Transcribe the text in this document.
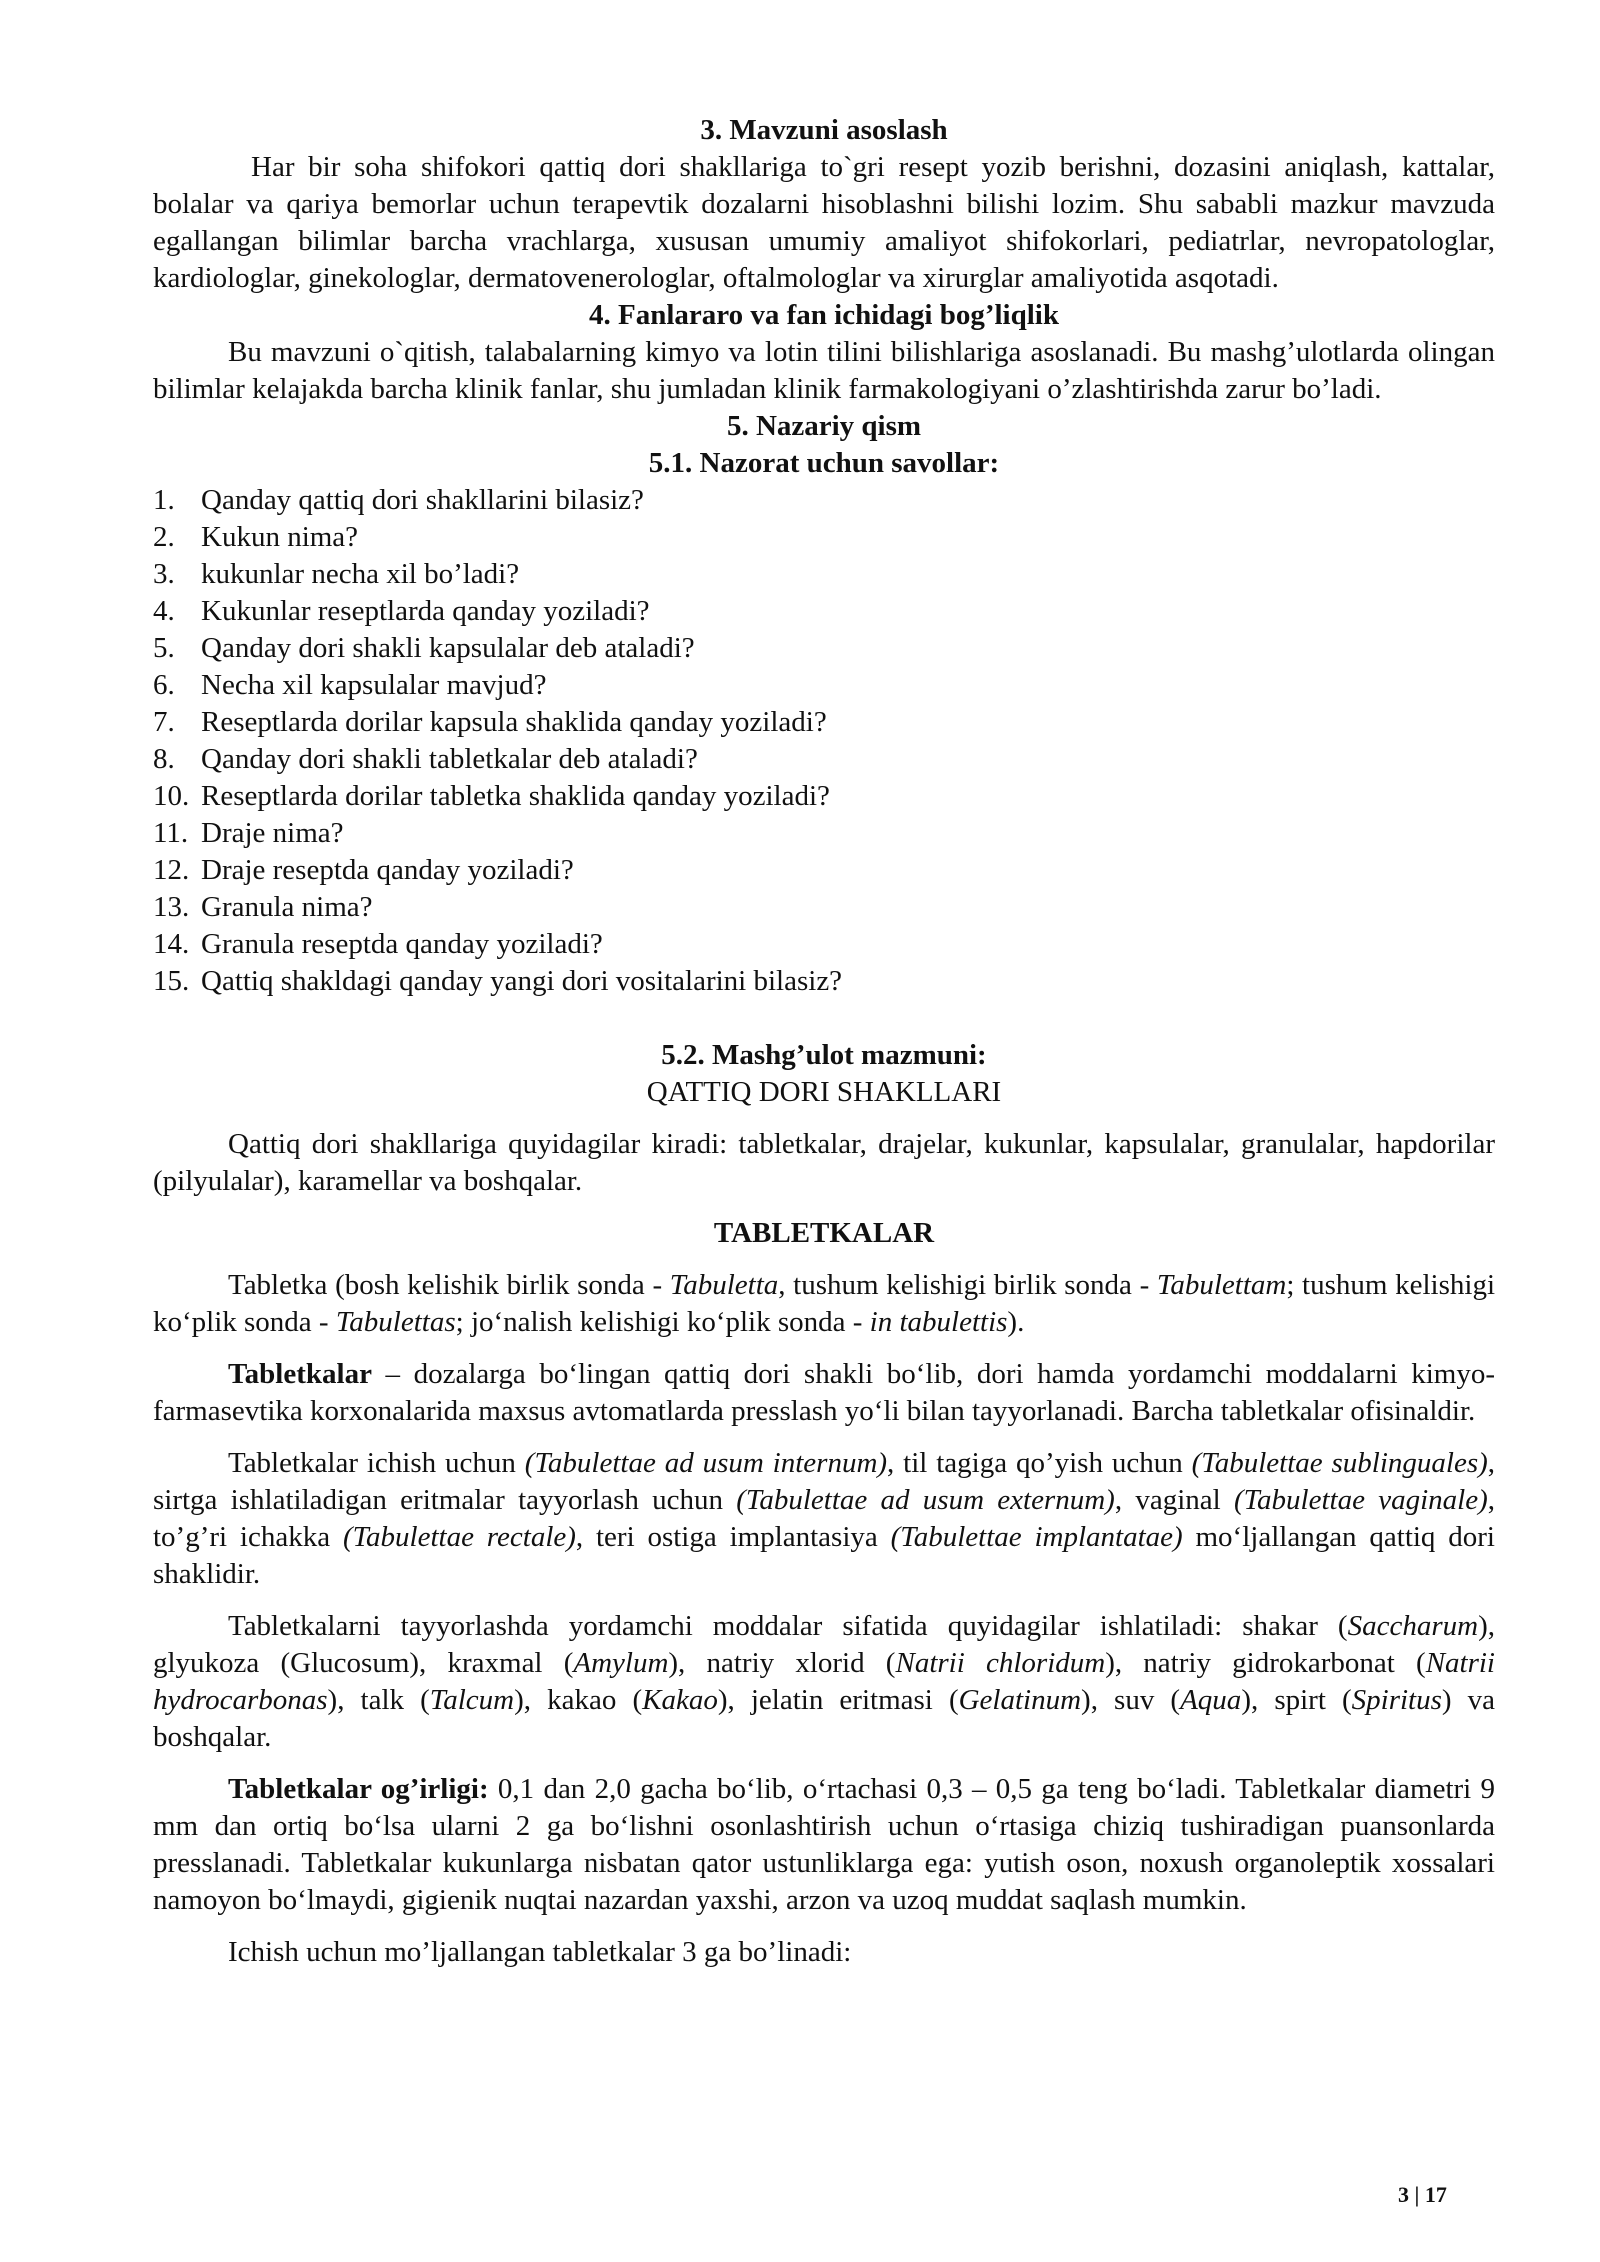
3. Mavzuni asoslash

Har bir soha shifokori qattiq dori shakllariga to`gri resept yozib berishni, dozasini aniqlash, kattalar, bolalar va qariya bemorlar uchun terapevtik dozalarni hisoblashni bilishi lozim. Shu sababli mazkur mavzuda egallangan bilimlar barcha vrachlarga, xususan umumiy amaliyot shifokorlari, pediatrlar, nevropatologlar, kardiologlar, ginekologlar, dermatovenerologlar, oftalmologlar va xirurglar amaliyotida asqotadi.

4. Fanlararo va fan ichidagi bog’liqlik

Bu mavzuni o`qitish, talabalarning kimyo va lotin tilini bilishlariga asoslanadi. Bu mashg’ulotlarda olingan bilimlar kelajakda barcha klinik fanlar, shu jumladan klinik farmakologiyani o’zlashtirishda zarur bo’ladi.

5. Nazariy qism
5.1. Nazorat uchun savollar:
1. Qanday qattiq dori shakllarini bilasiz?
2. Kukun nima?
3. kukunlar necha xil bo’ladi?
4. Kukunlar reseptlarda qanday yoziladi?
5. Qanday dori shakli kapsulalar deb ataladi?
6. Necha xil kapsulalar mavjud?
7. Reseptlarda dorilar kapsula shaklida qanday yoziladi?
8. Qanday dori shakli tabletkalar deb ataladi?
10. Reseptlarda dorilar tabletka shaklida qanday yoziladi?
11. Draje nima?
12. Draje reseptda qanday yoziladi?
13. Granula nima?
14. Granula reseptda qanday yoziladi?
15. Qattiq shakldagi qanday yangi dori vositalarini bilasiz?
5.2. Mashg’ulot mazmuni:
QATTIQ DORI SHAKLLARI

Qattiq dori shakllariga quyidagilar kiradi: tabletkalar, drajelar, kukunlar, kapsulalar, granulalar, hapdorilar (pilyulalar), karamellar va boshqalar.

TABLETKALAR

Tabletka (bosh kelishik birlik sonda - Tabuletta, tushum kelishigi birlik sonda - Tabulettam; tushum kelishigi ko‘plik sonda - Tabulettas; jo‘nalish kelishigi ko‘plik sonda - in tabulettis).

Tabletkalar – dozalarga bo‘lingan qattiq dori shakli bo‘lib, dori hamda yordamchi moddalarni kimyo-farmasevtika korxonalarida maxsus avtomatlarda presslash yo‘li bilan tayyorlanadi. Barcha tabletkalar ofisinaldir.

Tabletkalar ichish uchun (Tabulettae ad usum internum), til tagiga qo’yish uchun (Tabulettae sublinguales), sirtga ishlatiladigan eritmalar tayyorlash uchun (Tabulettae ad usum externum), vaginal (Tabulettae vaginale), to’g’ri ichakka (Tabulettae rectale), teri ostiga implantasiya (Tabulettae implantatae) mo‘ljallangan qattiq dori shaklidir.

Tabletkalarni tayyorlashda yordamchi moddalar sifatida quyidagilar ishlatiladi: shakar (Saccharum), glyukoza (Glucosum), kraxmal (Amylum), natriy xlorid (Natrii chloridum), natriy gidrokarbonat (Natrii hydrocarbonas), talk (Talcum), kakao (Kakao), jelatin eritmasi (Gelatinum), suv (Aqua), spirt (Spiritus) va boshqalar.

Tabletkalar og’irligi: 0,1 dan 2,0 gacha bo‘lib, o‘rtachasi 0,3 – 0,5 ga teng bo‘ladi. Tabletkalar diametri 9 mm dan ortiq bo‘lsa ularni 2 ga bo‘lishni osonlashtirish uchun o‘rtasiga chiziq tushiradigan puansonlarda presslanadi. Tabletkalar kukunlarga nisbatan qator ustunliklarga ega: yutish oson, noxush organoleptik xossalari namoyon bo‘lmaydi, gigienik nuqtai nazardan yaxshi, arzon va uzoq muddat saqlash mumkin.

Ichish uchun mo’ljallangan tabletkalar 3 ga bo’linadi:

3 | 17
